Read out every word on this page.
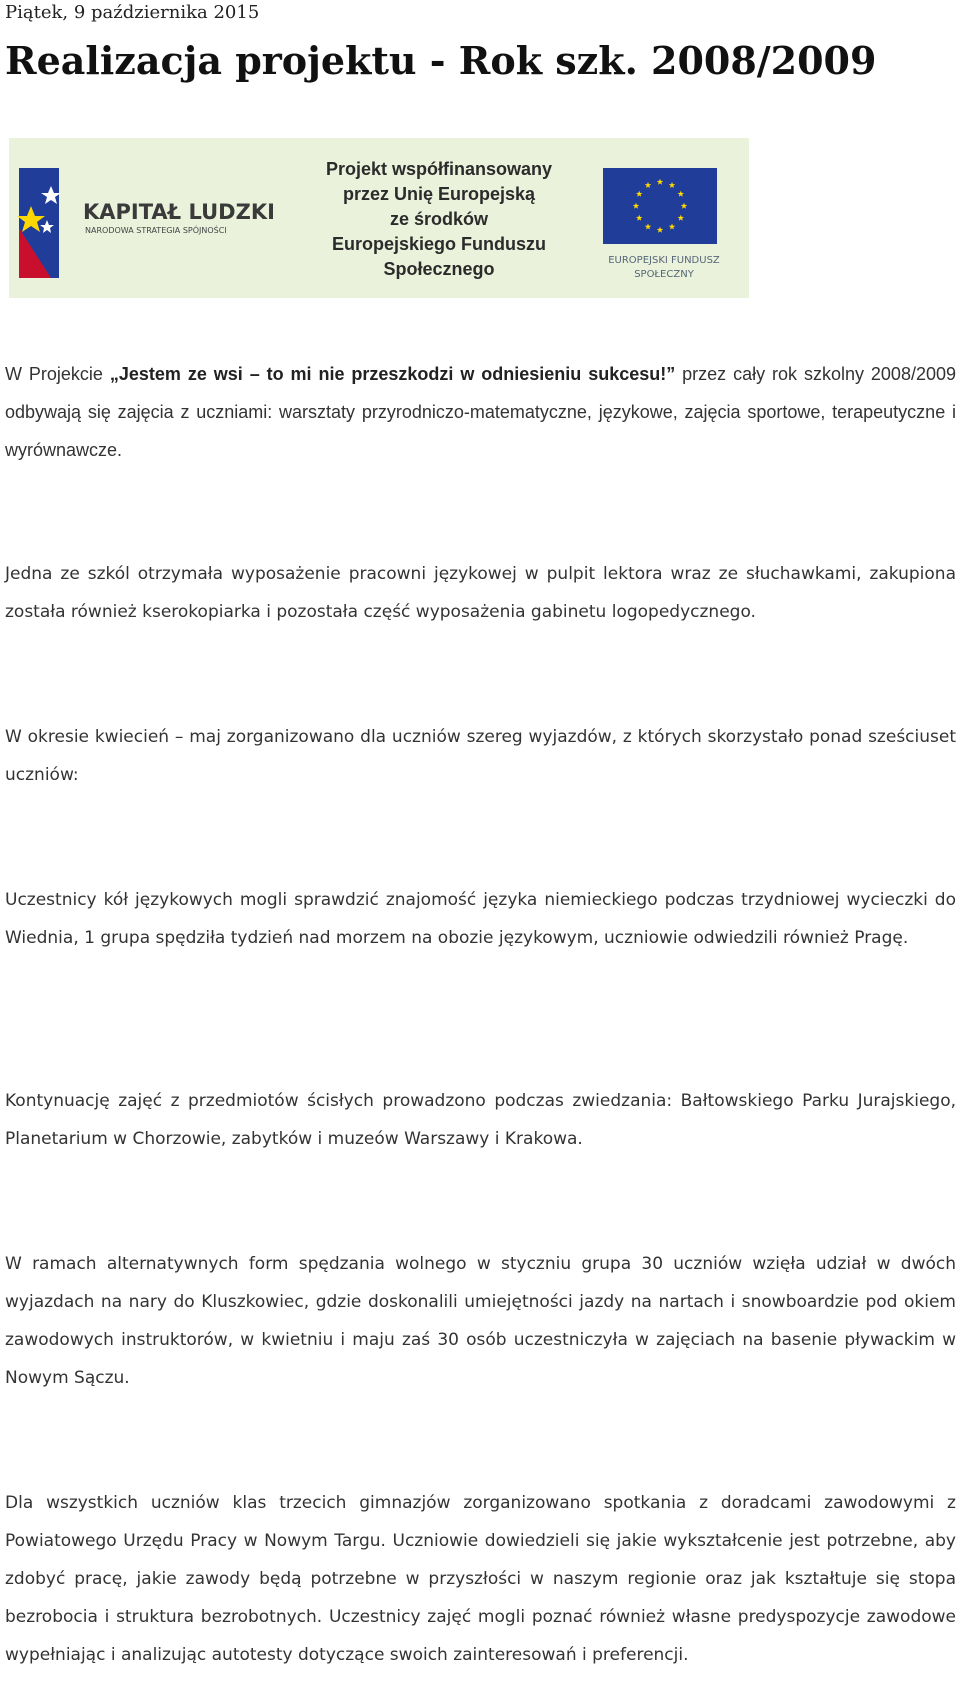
Piątek, 9 października 2015
Realizacja projektu - Rok szk. 2008/2009
KAPITAŁ LUDZKI
NARODOWA STRATEGIA SPÓJNOŚCI
Projekt współfinansowany
przez Unię Europejską
ze środków
Europejskiego Funduszu
Społecznego	EUROPEJSKI FUNDUSZ
SPOŁECZNY

W Projekcie „Jestem ze wsi – to mi nie przeszkodzi w odniesieniu sukcesu!” przez cały rok szkolny 2008/2009 odbywają się zajęcia z uczniami: warsztaty przyrodniczo-matematyczne, językowe, zajęcia sportowe, terapeutyczne i wyrównawcze.

Jedna ze szkól otrzymała wyposażenie pracowni językowej w pulpit lektora wraz ze słuchawkami, zakupiona została również kserokopiarka i pozostała część wyposażenia gabinetu logopedycznego.

W okresie kwiecień – maj zorganizowano dla uczniów szereg wyjazdów, z których skorzystało ponad sześciuset uczniów:

Uczestnicy kół językowych mogli sprawdzić znajomość języka niemieckiego podczas trzydniowej wycieczki do Wiednia, 1 grupa spędziła tydzień nad morzem na obozie językowym, uczniowie odwiedzili również Pragę.

Kontynuację zajęć z przedmiotów ścisłych prowadzono podczas zwiedzania: Bałtowskiego Parku Jurajskiego, Planetarium w Chorzowie, zabytków i muzeów Warszawy i Krakowa.

W ramach alternatywnych form spędzania wolnego w styczniu grupa 30 uczniów wzięła udział w dwóch wyjazdach na nary do Kluszkowiec, gdzie doskonalili umiejętności jazdy na nartach i snowboardzie pod okiem zawodowych instruktorów, w kwietniu i maju zaś 30 osób uczestniczyła w zajęciach na basenie pływackim w Nowym Sączu.

Dla wszystkich uczniów klas trzecich gimnazjów zorganizowano spotkania z doradcami zawodowymi z Powiatowego Urzędu Pracy w Nowym Targu. Uczniowie dowiedzieli się jakie wykształcenie jest potrzebne, aby zdobyć pracę, jakie zawody będą potrzebne w przyszłości w naszym regionie oraz jak kształtuje się stopa bezrobocia i struktura bezrobotnych. Uczestnicy zajęć mogli poznać również własne predyspozycje zawodowe wypełniając i analizując autotesty dotyczące swoich zainteresowań i preferencji.
